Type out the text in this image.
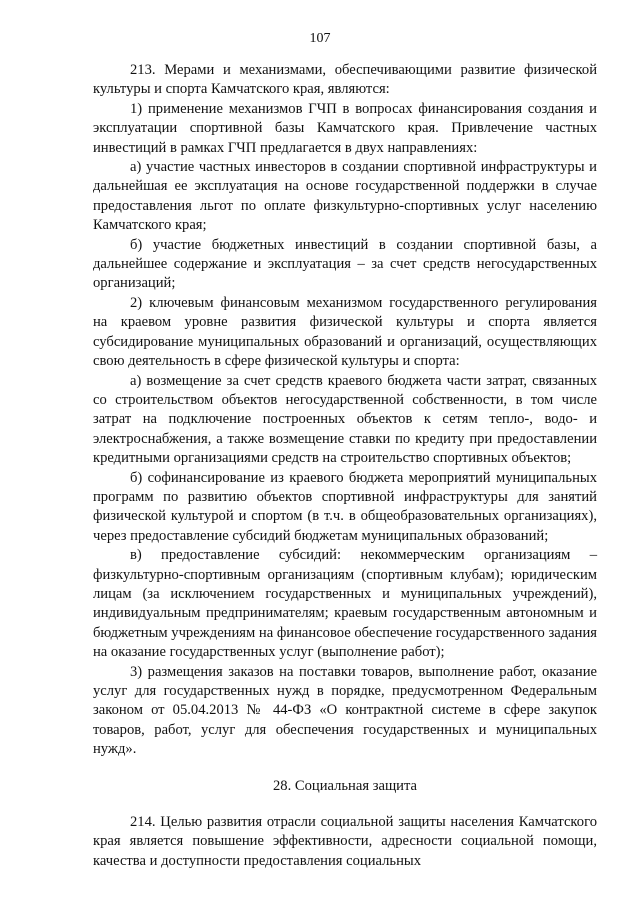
107

213. Мерами и механизмами, обеспечивающими развитие физической культуры и спорта Камчатского края, являются:

1) применение механизмов ГЧП в вопросах финансирования создания и эксплуатации спортивной базы Камчатского края. Привлечение частных инвестиций в рамках ГЧП предлагается в двух направлениях:

а) участие частных инвесторов в создании спортивной инфраструктуры и дальнейшая ее эксплуатация на основе государственной поддержки в случае предоставления льгот по оплате физкультурно-спортивных услуг населению Камчатского края;

б) участие бюджетных инвестиций в создании спортивной базы, а дальнейшее содержание и эксплуатация – за счет средств негосударственных организаций;

2) ключевым финансовым механизмом государственного регулирования на краевом уровне развития физической культуры и спорта является субсидирование муниципальных образований и организаций, осуществляющих свою деятельность в сфере физической культуры и спорта:

а) возмещение за счет средств краевого бюджета части затрат, связанных со строительством объектов негосударственной собственности, в том числе затрат на подключение построенных объектов к сетям тепло-, водо- и электроснабжения, а также возмещение ставки по кредиту при предоставлении кредитными организациями средств на строительство спортивных объектов;

б) софинансирование из краевого бюджета мероприятий муниципальных программ по развитию объектов спортивной инфраструктуры для занятий физической культурой и спортом (в т.ч. в общеобразовательных организациях), через предоставление субсидий бюджетам муниципальных образований;

в) предоставление субсидий: некоммерческим организациям – физкультурно-спортивным организациям (спортивным клубам); юридическим лицам (за исключением государственных и муниципальных учреждений), индивидуальным предпринимателям; краевым государственным автономным и бюджетным учреждениям на финансовое обеспечение государственного задания на оказание государственных услуг (выполнение работ);

3) размещения заказов на поставки товаров, выполнение работ, оказание услуг для государственных нужд в порядке, предусмотренном Федеральным законом от 05.04.2013 № 44-ФЗ «О контрактной системе в сфере закупок товаров, работ, услуг для обеспечения государственных и муниципальных нужд».

28. Социальная защита

214. Целью развития отрасли социальной защиты населения Камчатского края является повышение эффективности, адресности социальной помощи, качества и доступности предоставления социальных
